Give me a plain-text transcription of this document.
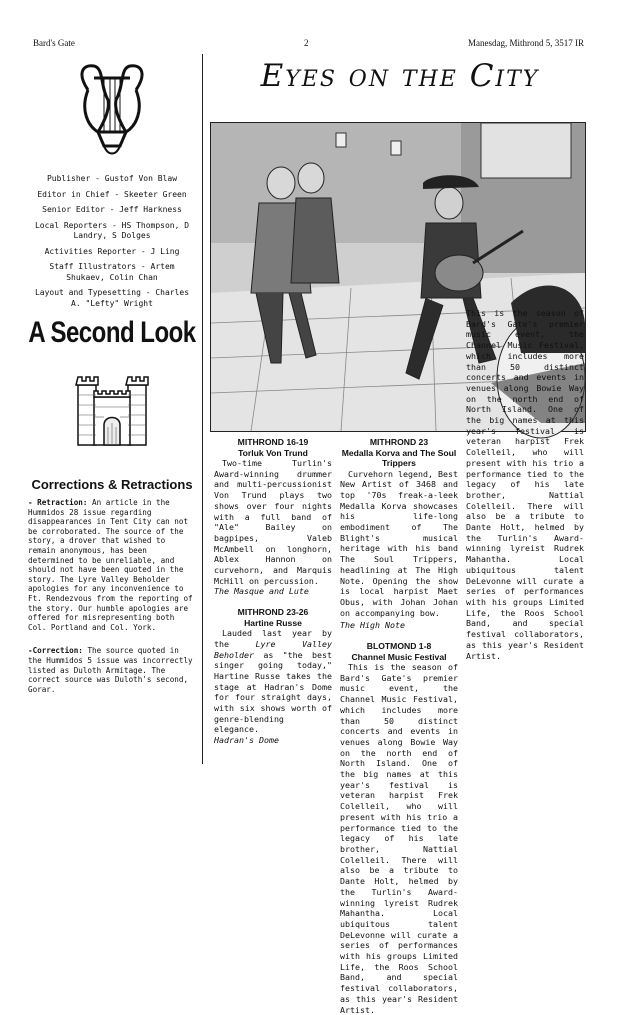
Bard's Gate	2	Manesdag, Mithrond 5, 3517 IR
Publisher - Gustof Von Blaw
Editor in Chief - Skeeter Green
Senior Editor - Jeff Harkness
Local Reporters - HS Thompson, D Landry, S Dolges
Activities Reporter - J Ling
Staff Illustrators - Artem Shukaev, Colin Chan
Layout and Typesetting - Charles A. "Lefty" Wright
A Second Look
Corrections & Retractions
- Retraction: An article in the Hummidos 28 issue regarding disappearances in Tent City can not be corroborated. The source of the story, a drover that wished to remain anonymous, has been determined to be unreliable, and should not have been quoted in the story. The Lyre Valley Beholder apologies for any inconvenience to Ft. Rendezvous from the reporting of the story. Our humble apologies are offered for misrepresenting both Col. Portland and Col. York.
-Correction: The source quoted in the Hummidos 5 issue was incorrectly listed as Duloth Armitage. The correct source was Duloth's second, Gorar.
Eyes on the City
MITHROND 16-19
Torluk Von Trund

Two-time Turlin's Award-winning drummer and multi-percussionist Von Trund plays two shows over four nights with a full band of "Ale" Bailey on bagpipes, Valeb McAmbell on longhorn, Ablex Hannon on curvehorn, and Marquis McHill on percussion.

The Masque and Lute
MITHROND 23-26
Hartine Russe

Lauded last year by the Lyre Valley Beholder as "the best singer going today," Hartine Russe takes the stage at Hadran's Dome for four straight days, with six shows worth of genre-blending elegance.

Hadran's Dome
MITHROND 23
Medalla Korva and The Soul Trippers

Curvehorn legend, Best New Artist of 3468 and top '70s freak-a-leek Medalla Korva showcases his life-long embodiment of The Blight's musical heritage with his band The Soul Trippers, headlining at The High Note. Opening the show is local harpist Maet Obus, with Johan Johan on accompanying bow.

The High Note
BLOTMOND 1-8
Channel Music Festival

This is the season of Bard's Gate's premier music event, the Channel Music Festival, which includes more than 50 distinct concerts and events in venues along Bowie Way on the north end of North Island. One of the big names at this year's festival is veteran harpist Frek Colelleil, who will present with his trio a performance tied to the legacy of his late brother, Nattial Colelleil. There will also be a tribute to Dante Holt, helmed by the Turlin's Award-winning lyreist Rudrek Mahantha. Local ubiquitous talent DeLevonne will curate a series of performances with his groups Limited Life, the Roos School Band, and special festival collaborators, as this year's Resident Artist.

This is the season of Bard's Gate's premier music event, the Channel Music Festival, which includes more than 50 distinct concerts and events in venues along Bowie Way on the north end of North Island. One of the big names at this year's festival is veteran harpist Frek Colelleil, who will present with his trio a performance tied to the legacy of his late brother, Nattial Colelleil. There will also be a tribute to Dante Holt, helmed by the Turlin's Award-winning lyreist Rudrek Mahantha. Local ubiquitous talent DeLevonne will curate a series of performances with his groups Limited Life, the Roos School Band, and special festival collaborators, as this year's Resident Artist.
